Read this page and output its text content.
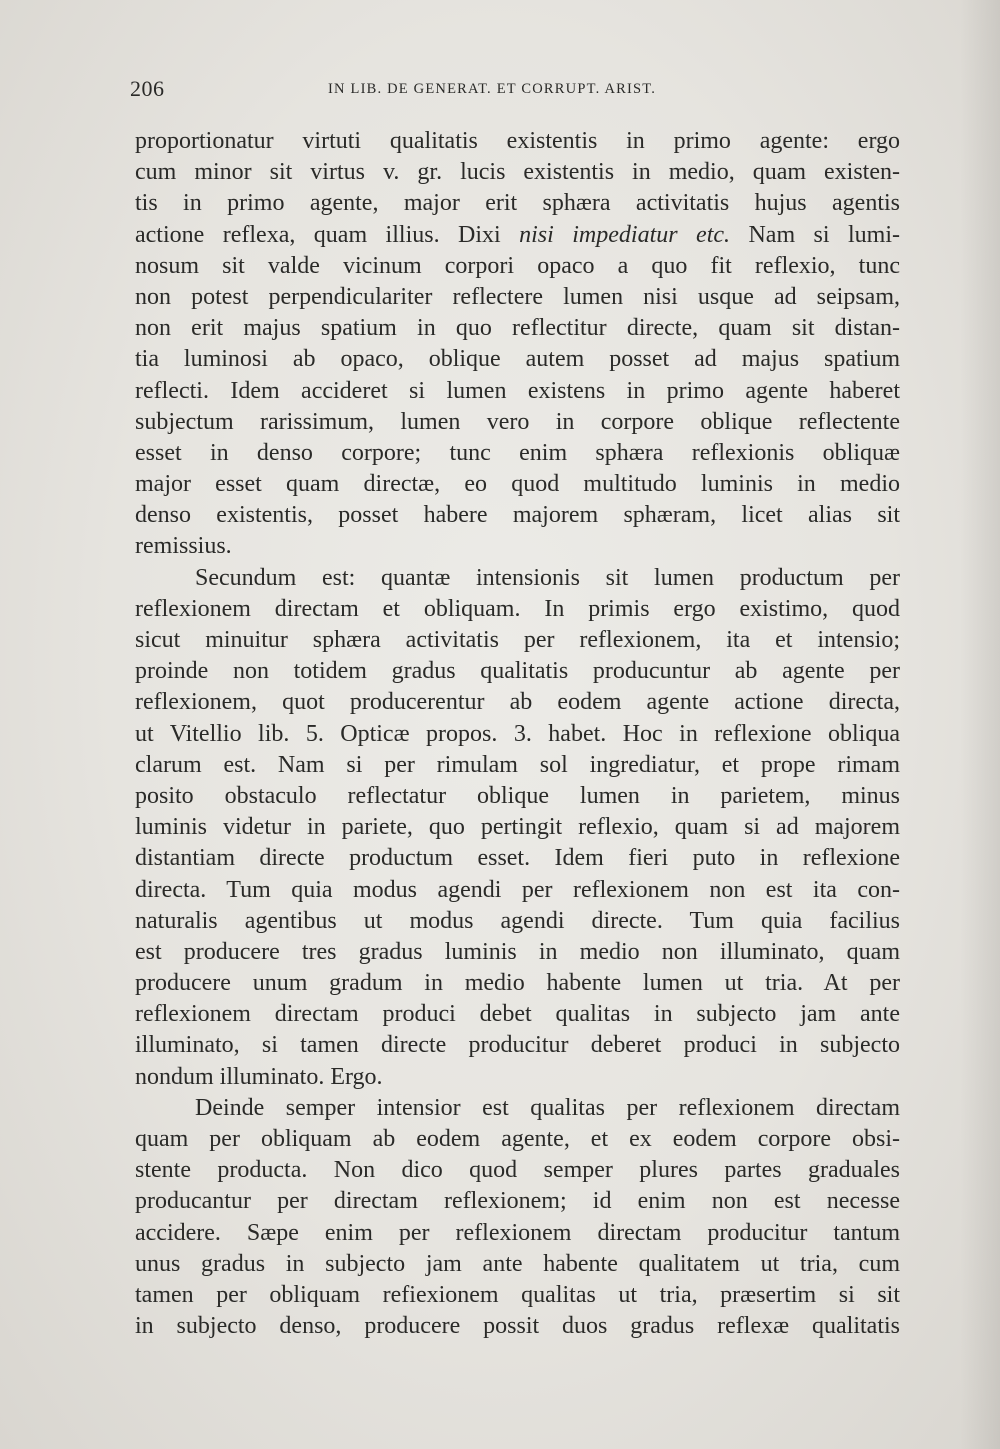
206	IN LIB. DE GENERAT. ET CORRUPT. ARIST.
proportionatur virtuti qualitatis existentis in primo agente: ergo
cum minor sit virtus v. gr. lucis existentis in medio, quam existen-
tis in primo agente, major erit sphæra activitatis hujus agentis
actione reflexa, quam illius. Dixi nisi impediatur etc. Nam si lumi-
nosum sit valde vicinum corpori opaco a quo fit reflexio, tunc
non potest perpendiculariter reflectere lumen nisi usque ad seipsam,
non erit majus spatium in quo reflectitur directe, quam sit distan-
tia luminosi ab opaco, oblique autem posset ad majus spatium
reflecti. Idem accideret si lumen existens in primo agente haberet
subjectum rarissimum, lumen vero in corpore oblique reflectente
esset in denso corpore; tunc enim sphæra reflexionis obliquæ
major esset quam directæ, eo quod multitudo luminis in medio
denso existentis, posset habere majorem sphæram, licet alias sit
remissius.
Secundum est: quantæ intensionis sit lumen productum per
reflexionem directam et obliquam. In primis ergo existimo, quod
sicut minuitur sphæra activitatis per reflexionem, ita et intensio;
proinde non totidem gradus qualitatis producuntur ab agente per
reflexionem, quot producerentur ab eodem agente actione directa,
ut Vitellio lib. 5. Opticæ propos. 3. habet. Hoc in reflexione obliqua
clarum est. Nam si per rimulam sol ingrediatur, et prope rimam
posito obstaculo reflectatur oblique lumen in parietem, minus
luminis videtur in pariete, quo pertingit reflexio, quam si ad majorem
distantiam directe productum esset. Idem fieri puto in reflexione
directa. Tum quia modus agendi per reflexionem non est ita con-
naturalis agentibus ut modus agendi directe. Tum quia facilius
est producere tres gradus luminis in medio non illuminato, quam
producere unum gradum in medio habente lumen ut tria. At per
reflexionem directam produci debet qualitas in subjecto jam ante
illuminato, si tamen directe producitur deberet produci in subjecto
nondum illuminato. Ergo.
Deinde semper intensior est qualitas per reflexionem directam
quam per obliquam ab eodem agente, et ex eodem corpore obsi-
stente producta. Non dico quod semper plures partes graduales
producantur per directam reflexionem; id enim non est necesse
accidere. Sæpe enim per reflexionem directam producitur tantum
unus gradus in subjecto jam ante habente qualitatem ut tria, cum
tamen per obliquam refiexionem qualitas ut tria, præsertim si sit
in subjecto denso, producere possit duos gradus reflexæ qualitatis
